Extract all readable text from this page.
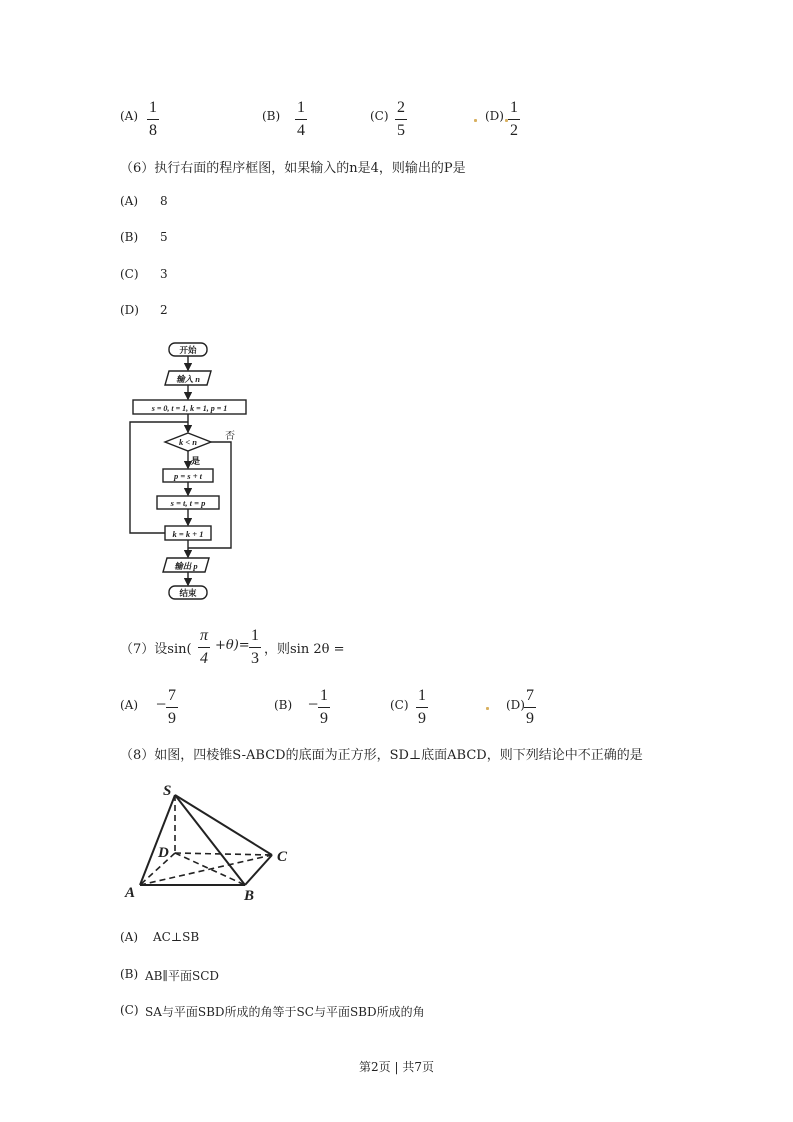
(A) 1
8
(B) 1
4
(C) 2
5
(D) 1
2
（6）执行右面的程序框图，如果输入的n是4，则输出的P是
(A) 8
(B) 5
(C) 3
(D) 2
开始
输入 n
s = 0, t = 1, k = 1, p = 1
k < n
p = s + t
s = t, t = p
k = k + 1
输出 p
结束
否
是
（7）设sin(
π
4
+θ)=
1
3
，则sin 2θ =
(A) − 7
9
(B) − 1
9
(C)
1
9
(D)
7
9
（8）如图，四棱锥S-ABCD的底面为正方形，SD⊥底面ABCD，则下列结论中不正确的是
S
D	C
A	B
(A) AC⊥SB
(B) AB∥平面SCD
(C) SA与平面SBD所成的角等于SC与平面SBD所成的角
第2页 | 共7页
